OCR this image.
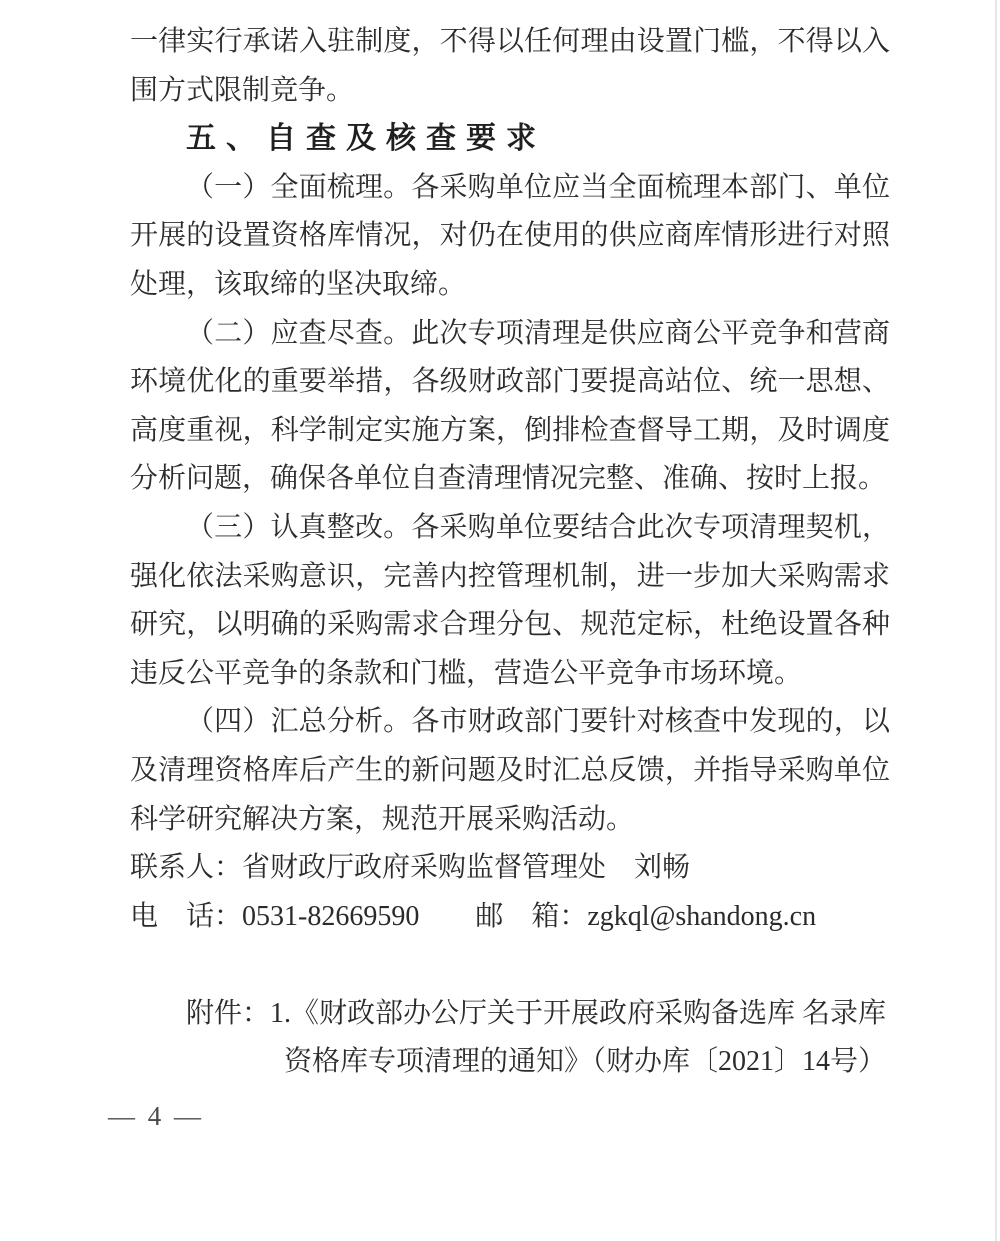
一律实行承诺入驻制度，不得以任何理由设置门槛，不得以入围方式限制竞争。

五、自查及核查要求

（一）全面梳理。各采购单位应当全面梳理本部门、单位开展的设置资格库情况，对仍在使用的供应商库情形进行对照处理，该取缔的坚决取缔。

（二）应查尽查。此次专项清理是供应商公平竞争和营商环境优化的重要举措，各级财政部门要提高站位、统一思想、高度重视，科学制定实施方案，倒排检查督导工期，及时调度分析问题，确保各单位自查清理情况完整、准确、按时上报。

（三）认真整改。各采购单位要结合此次专项清理契机，强化依法采购意识，完善内控管理机制，进一步加大采购需求研究，以明确的采购需求合理分包、规范定标，杜绝设置各种违反公平竞争的条款和门槛，营造公平竞争市场环境。

（四）汇总分析。各市财政部门要针对核查中发现的，以及清理资格库后产生的新问题及时汇总反馈，并指导采购单位科学研究解决方案，规范开展采购活动。

联系人：省财政厅政府采购监督管理处 刘畅

电　话：0531-82669590 邮　箱：zgkql@shandong.cn

附件：1.《财政部办公厅关于开展政府采购备选库 名录库

资格库专项清理的通知》（财办库〔2021〕14号）

— 4 —
